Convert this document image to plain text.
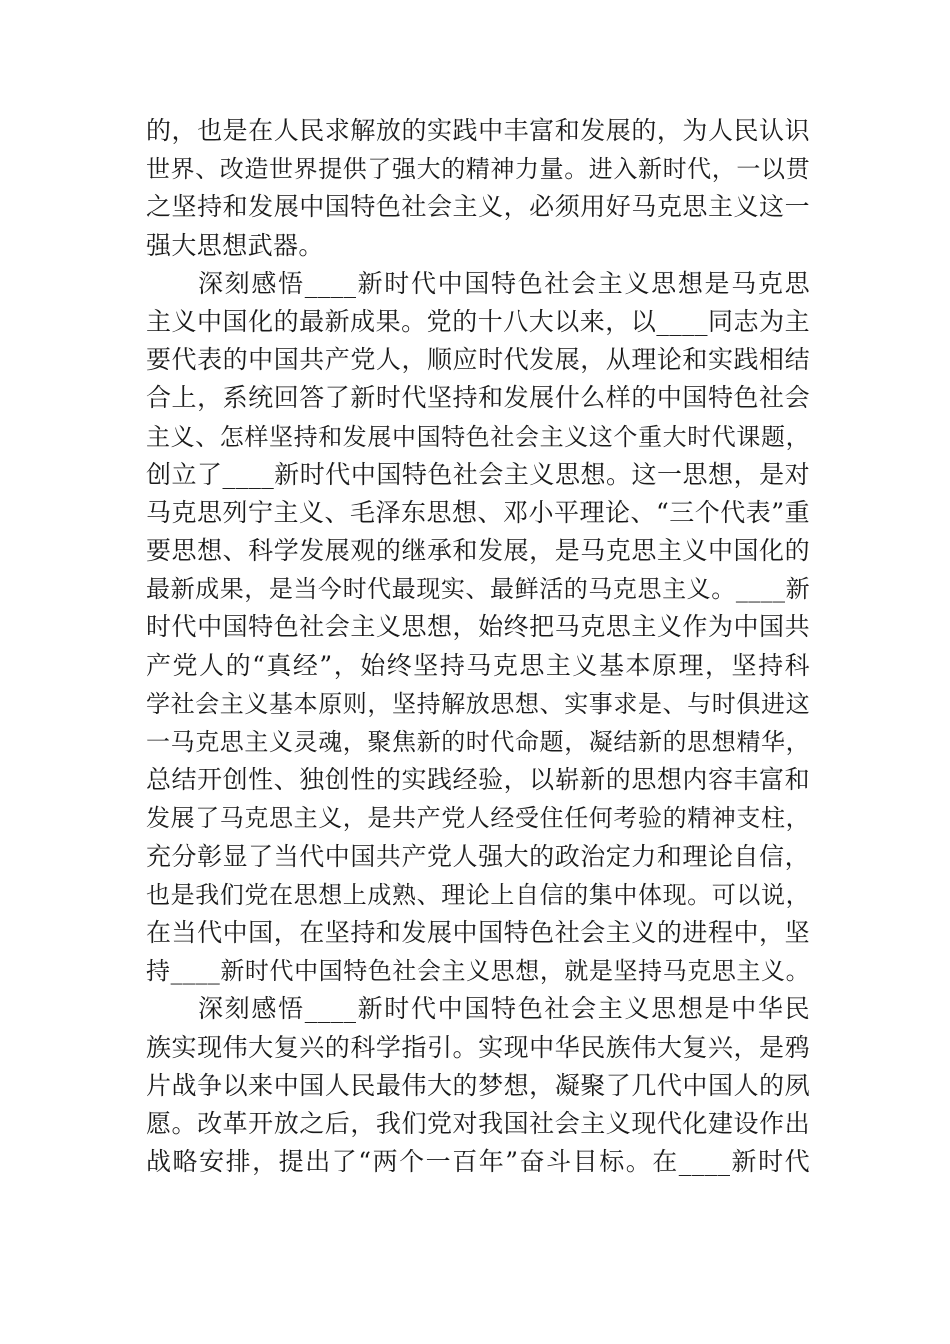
的，也是在人民求解放的实践中丰富和发展的，为人民认识
世界、改造世界提供了强大的精神力量。进入新时代，一以贯
之坚持和发展中国特色社会主义，必须用好马克思主义这一
强大思想武器。
深刻感悟____新时代中国特色社会主义思想是马克思
主义中国化的最新成果。党的十八大以来，以____同志为主
要代表的中国共产党人，顺应时代发展，从理论和实践相结
合上，系统回答了新时代坚持和发展什么样的中国特色社会
主义、怎样坚持和发展中国特色社会主义这个重大时代课题，
创立了____新时代中国特色社会主义思想。这一思想，是对
马克思列宁主义、毛泽东思想、邓小平理论、“三个代表”重
要思想、科学发展观的继承和发展，是马克思主义中国化的
最新成果，是当今时代最现实、最鲜活的马克思主义。____新
时代中国特色社会主义思想，始终把马克思主义作为中国共
产党人的“真经”，始终坚持马克思主义基本原理，坚持科
学社会主义基本原则，坚持解放思想、实事求是、与时俱进这
一马克思主义灵魂，聚焦新的时代命题，凝结新的思想精华，
总结开创性、独创性的实践经验，以崭新的思想内容丰富和
发展了马克思主义，是共产党人经受住任何考验的精神支柱，
充分彰显了当代中国共产党人强大的政治定力和理论自信，
也是我们党在思想上成熟、理论上自信的集中体现。可以说，
在当代中国，在坚持和发展中国特色社会主义的进程中，坚
持____新时代中国特色社会主义思想，就是坚持马克思主义。
深刻感悟____新时代中国特色社会主义思想是中华民
族实现伟大复兴的科学指引。实现中华民族伟大复兴，是鸦
片战争以来中国人民最伟大的梦想，凝聚了几代中国人的夙
愿。改革开放之后，我们党对我国社会主义现代化建设作出
战略安排，提出了“两个一百年”奋斗目标。在____新时代
